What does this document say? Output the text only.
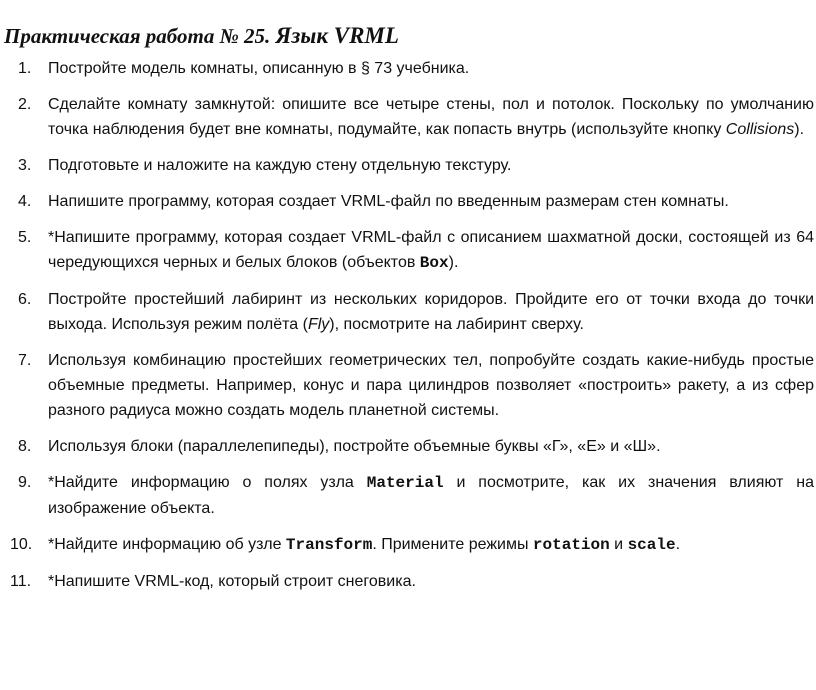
Практическая работа № 25. Язык VRML
1.	Постройте модель комнаты, описанную в § 73 учебника.
2.	Сделайте комнату замкнутой: опишите все четыре стены, пол и потолок. Поскольку по умолчанию точка наблюдения будет вне комнаты, подумайте, как попасть внутрь (используйте кнопку Collisions).
3.	Подготовьте и наложите на каждую стену отдельную текстуру.
4.	Напишите программу, которая создает VRML-файл по введенным размерам стен комнаты.
5.	*Напишите программу, которая создает VRML-файл с описанием шахматной доски, состоящей из 64 чередующихся черных и белых блоков (объектов Box).
6.	Постройте простейший лабиринт из нескольких коридоров. Пройдите его от точки входа до точки выхода. Используя режим полёта (Fly), посмотрите на лабиринт сверху.
7.	Используя комбинацию простейших геометрических тел, попробуйте создать какие-нибудь простые объемные предметы. Например, конус и пара цилиндров позволяет «построить» ракету, а из сфер разного радиуса можно создать модель планетной системы.
8.	Используя блоки (параллелепипеды), постройте объемные буквы «Г», «Е» и «Ш».
9.	*Найдите информацию о полях узла Material и посмотрите, как их значения влияют на изображение объекта.
10. *Найдите информацию об узле Transform. Примените режимы rotation и scale.
11.	*Напишите VRML-код, который строит снеговика.
